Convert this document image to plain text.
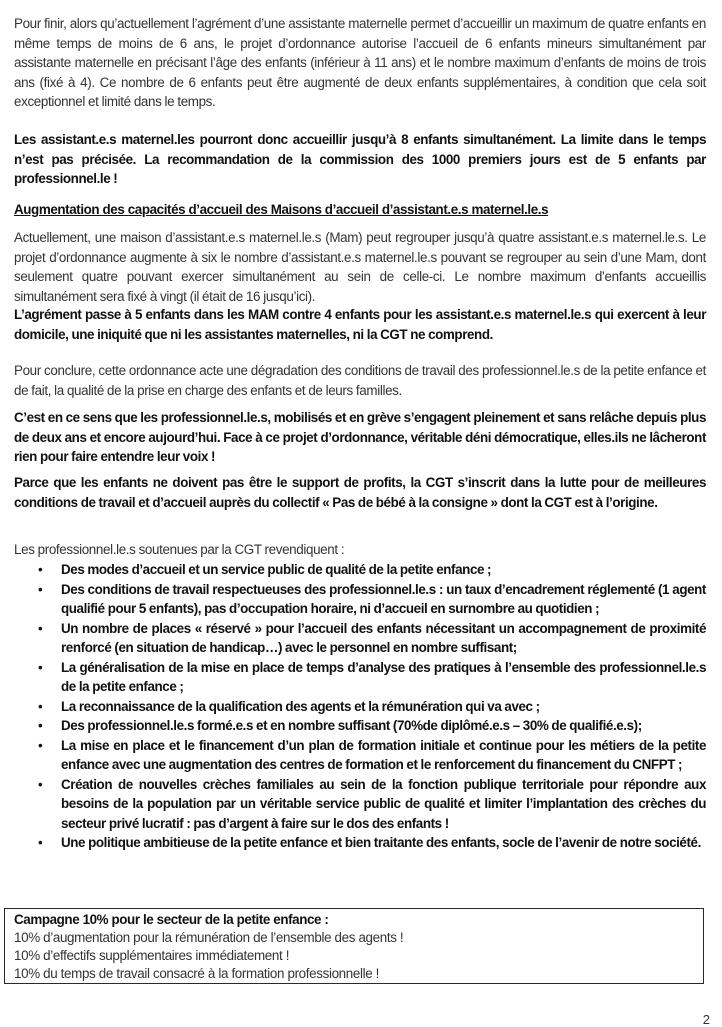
Pour finir, alors qu’actuellement l’agrément d’une assistante maternelle permet d’accueillir un maximum de quatre enfants en même temps de moins de 6 ans, le projet d’ordonnance autorise l’accueil de 6 enfants mineurs simultanément par assistante maternelle en précisant l’âge des enfants (inférieur à 11 ans) et le nombre maximum d’enfants de moins de trois ans (fixé à 4). Ce nombre de 6 enfants peut être augmenté de deux enfants supplémentaires, à condition que cela soit exceptionnel et limité dans le temps.

Les assistant.e.s maternel.les pourront donc accueillir jusqu’à 8 enfants simultanément. La limite dans le temps n’est pas précisée. La recommandation de la commission des 1000 premiers jours est de 5 enfants par professionnel.le !

Augmentation des capacités d’accueil des Maisons d’accueil d’assistant.e.s maternel.le.s

Actuellement, une maison d’assistant.e.s maternel.le.s (Mam) peut regrouper jusqu’à quatre assistant.e.s maternel.le.s. Le projet d’ordonnance augmente à six le nombre d’assistant.e.s maternel.le.s pouvant se regrouper au sein d’une Mam, dont seulement quatre pouvant exercer simultanément au sein de celle-ci. Le nombre maximum d’enfants accueillis simultanément sera fixé à vingt (il était de 16 jusqu’ici).

L’agrément passe à 5 enfants dans les MAM contre 4 enfants pour les assistant.e.s maternel.le.s qui exercent à leur domicile, une iniquité que ni les assistantes maternelles, ni la CGT ne comprend.

Pour conclure, cette ordonnance acte une dégradation des conditions de travail des professionnel.le.s de la petite enfance et de fait, la qualité de la prise en charge des enfants et de leurs familles.

C’est en ce sens que les professionnel.le.s, mobilisés et en grève s’engagent pleinement et sans relâche depuis plus de deux ans et encore aujourd’hui. Face à ce projet d’ordonnance, véritable déni démocratique, elles.ils ne lâcheront rien pour faire entendre leur voix !

Parce que les enfants ne doivent pas être le support de profits, la CGT s’inscrit dans la lutte pour de meilleures conditions de travail et d’accueil auprès du collectif « Pas de bébé à la consigne » dont la CGT est à l’origine.

Les professionnel.le.s soutenues par la CGT revendiquent :

• Des modes d’accueil et un service public de qualité de la petite enfance ;
• Des conditions de travail respectueuses des professionnel.le.s : un taux d’encadrement réglementé (1 agent qualifié pour 5 enfants), pas d’occupation horaire, ni d’accueil en surnombre au quotidien ;
• Un nombre de places « réservé » pour l’accueil des enfants nécessitant un accompagnement de proximité renforcé (en situation de handicap…) avec le personnel en nombre suffisant;
• La généralisation de la mise en place de temps d’analyse des pratiques à l’ensemble des professionnel.le.s de la petite enfance ;
• La reconnaissance de la qualification des agents et la rémunération qui va avec ;
• Des professionnel.le.s formé.e.s et en nombre suffisant (70%de diplômé.e.s – 30% de qualifié.e.s);
• La mise en place et le financement d’un plan de formation initiale et continue pour les métiers de la petite enfance avec une augmentation des centres de formation et le renforcement du financement du CNFPT ;
• Création de nouvelles crèches familiales au sein de la fonction publique territoriale pour répondre aux besoins de la population par un véritable service public de qualité et limiter l’implantation des crèches du secteur privé lucratif : pas d’argent à faire sur le dos des enfants !
• Une politique ambitieuse de la petite enfance et bien traitante des enfants, socle de l’avenir de notre société.
Campagne 10% pour le secteur de la petite enfance :
10% d’augmentation pour la rémunération de l’ensemble des agents !
10% d’effectifs supplémentaires immédiatement !
10% du temps de travail consacré à la formation professionnelle !
2
